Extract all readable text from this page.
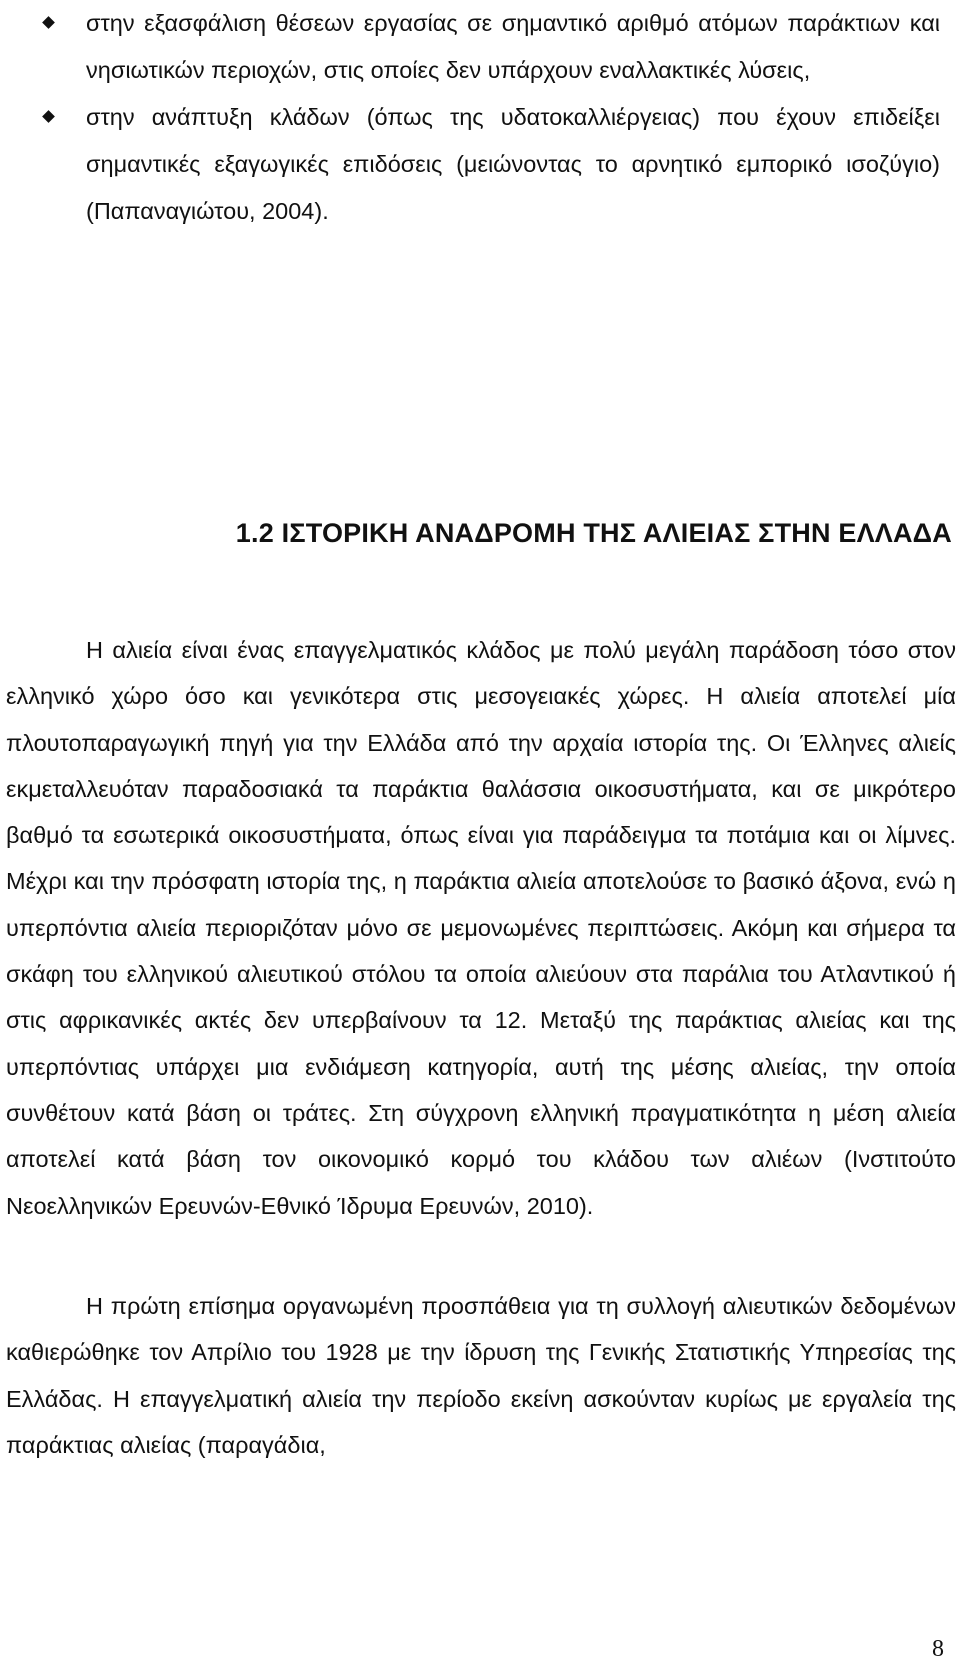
στην εξασφάλιση θέσεων εργασίας σε σημαντικό αριθμό ατόμων παράκτιων και νησιωτικών περιοχών, στις οποίες δεν υπάρχουν εναλλακτικές λύσεις,
στην ανάπτυξη κλάδων (όπως της υδατοκαλλιέργειας) που έχουν επιδείξει σημαντικές εξαγωγικές επιδόσεις (μειώνοντας το αρνητικό εμπορικό ισοζύγιο) (Παπαναγιώτου, 2004).
1.2 ΙΣΤΟΡΙΚΗ ΑΝΑΔΡΟΜΗ ΤΗΣ ΑΛΙΕΙΑΣ ΣΤΗΝ ΕΛΛΑΔΑ

Η αλιεία είναι ένας επαγγελματικός κλάδος με πολύ μεγάλη παράδοση τόσο στον ελληνικό χώρο όσο και γενικότερα στις μεσογειακές χώρες. Η αλιεία αποτελεί μία πλουτοπαραγωγική πηγή για την Ελλάδα από την αρχαία ιστορία της. Οι Έλληνες αλιείς εκμεταλλευόταν παραδοσιακά τα παράκτια θαλάσσια οικοσυστήματα, και σε μικρότερο βαθμό τα εσωτερικά οικοσυστήματα, όπως είναι για παράδειγμα τα ποτάμια και οι λίμνες. Μέχρι και την πρόσφατη ιστορία της, η παράκτια αλιεία αποτελούσε το βασικό άξονα, ενώ η υπερπόντια αλιεία περιοριζόταν μόνο σε μεμονωμένες περιπτώσεις. Ακόμη και σήμερα τα σκάφη του ελληνικού αλιευτικού στόλου τα οποία αλιεύουν στα παράλια του Ατλαντικού ή στις αφρικανικές ακτές δεν υπερβαίνουν τα 12. Μεταξύ της παράκτιας αλιείας και της υπερπόντιας υπάρχει μια ενδιάμεση κατηγορία, αυτή της μέσης αλιείας, την οποία συνθέτουν κατά βάση οι τράτες. Στη σύγχρονη ελληνική πραγματικότητα η μέση αλιεία αποτελεί κατά βάση τον οικονομικό κορμό του κλάδου των αλιέων (Ινστιτούτο Νεοελληνικών Ερευνών-Εθνικό Ίδρυμα Ερευνών, 2010).

Η πρώτη επίσημα οργανωμένη προσπάθεια για τη συλλογή αλιευτικών δεδομένων καθιερώθηκε τον Απρίλιο του 1928 με την ίδρυση της Γενικής Στατιστικής Υπηρεσίας της Ελλάδας. Η επαγγελματική αλιεία την περίοδο εκείνη ασκούνταν κυρίως με εργαλεία της παράκτιας αλιείας (παραγάδια,

8
